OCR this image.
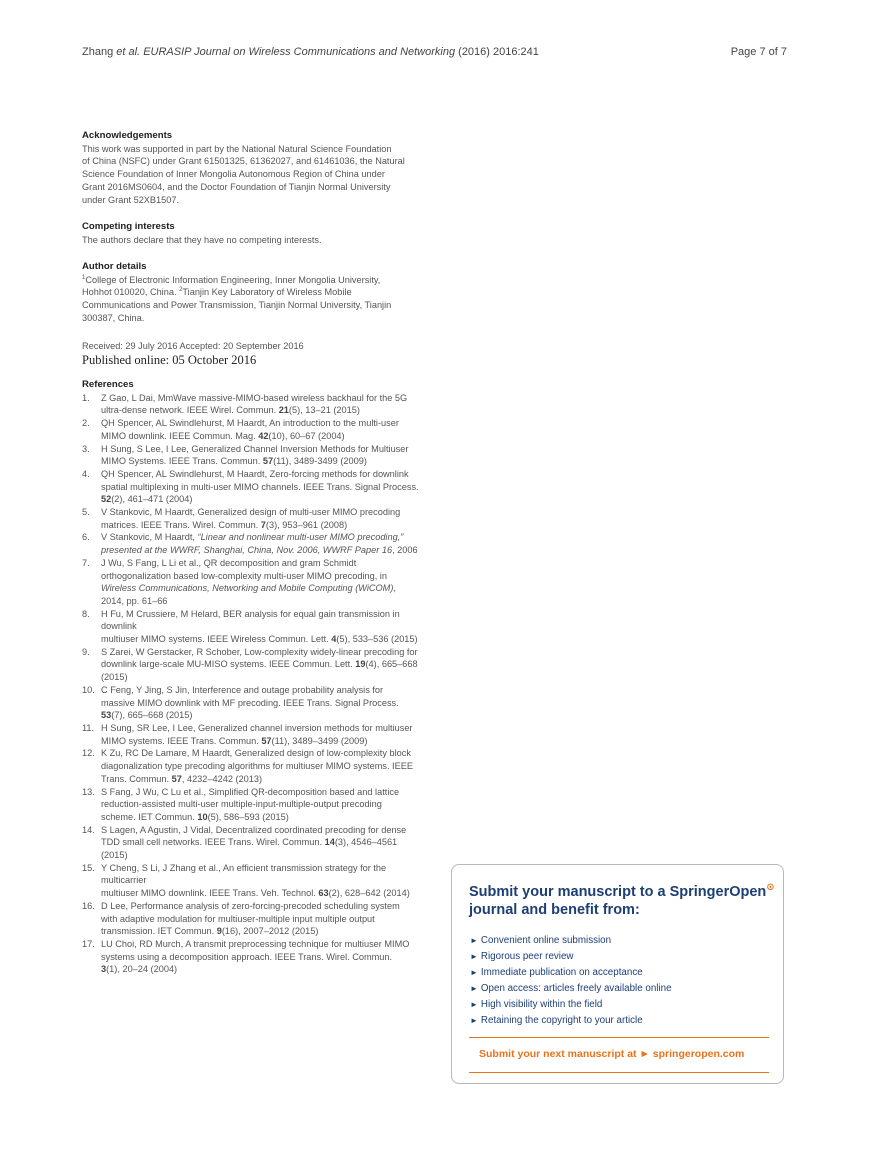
Zhang et al. EURASIP Journal on Wireless Communications and Networking (2016) 2016:241	Page 7 of 7

Acknowledgements

This work was supported in part by the National Natural Science Foundation

of China (NSFC) under Grant 61501325, 61362027, and 61461036, the Natural

Science Foundation of Inner Mongolia Autonomous Region of China under

Grant 2016MS0604, and the Doctor Foundation of Tianjin Normal University

under Grant 52XB1507.

Competing interests

The authors declare that they have no competing interests.

Author details

$^1$College of Electronic Information Engineering, Inner Mongolia University,

Hohhot 010020, China. $^2$Tianjin Key Laboratory of Wireless Mobile

Communications and Power Transmission, Tianjin Normal University, Tianjin

300387, China.

Received: 29 July 2016 Accepted: 20 September 2016

Published online: 05 October 2016

References

1. Z Gao, L Dai, MmWave massive-MIMO-based wireless backhaul for the 5G
ultra-dense network. IEEE Wirel. Commun. 21(5), 13–21 (2015)
2. QH Spencer, AL Swindlehurst, M Haardt, An introduction to the multi-user
MIMO downlink. IEEE Commun. Mag. 42(10), 60–67 (2004)
3. H Sung, S Lee, I Lee, Generalized Channel Inversion Methods for Multiuser
MIMO Systems. IEEE Trans. Commun. 57(11), 3489-3499 (2009)
4. QH Spencer, AL Swindlehurst, M Haardt, Zero-forcing methods for downlink
spatial multiplexing in multi-user MIMO channels. IEEE Trans. Signal Process.
52(2), 461–471 (2004)
5. V Stankovic, M Haardt, Generalized design of multi-user MIMO precoding
matrices. IEEE Trans. Wirel. Commun. 7(3), 953–961 (2008)
6. V Stankovic, M Haardt, “Linear and nonlinear multi-user MIMO precoding,”
presented at the WWRF, Shanghai, China, Nov. 2006, WWRF Paper 16, 2006
7. J Wu, S Fang, L Li et al., QR decomposition and gram Schmidt
orthogonalization based low-complexity multi-user MIMO precoding, in
Wireless Communications, Networking and Mobile Computing (WiCOM),
2014, pp. 61–66
8. H Fu, M Crussiere, M Helard, BER analysis for equal gain transmission in downlink
multiuser MIMO systems. IEEE Wireless Commun. Lett. 4(5), 533–536 (2015)
9. S Zarei, W Gerstacker, R Schober, Low-complexity widely-linear precoding for
downlink large-scale MU-MISO systems. IEEE Commun. Lett. 19(4), 665–668 (2015)
10. C Feng, Y Jing, S Jin, Interference and outage probability analysis for
massive MIMO downlink with MF precoding. IEEE Trans. Signal Process.
53(7), 665–668 (2015)
11. H Sung, SR Lee, I Lee, Generalized channel inversion methods for multiuser
MIMO systems. IEEE Trans. Commun. 57(11), 3489–3499 (2009)
12. K Zu, RC De Lamare, M Haardt, Generalized design of low-complexity block
diagonalization type precoding algorithms for multiuser MIMO systems. IEEE
Trans. Commun. 57, 4232–4242 (2013)
13. S Fang, J Wu, C Lu et al., Simplified QR-decomposition based and lattice
reduction-assisted multi-user multiple-input-multiple-output precoding
scheme. IET Commun. 10(5), 586–593 (2015)
14. S Lagen, A Agustin, J Vidal, Decentralized coordinated precoding for dense
TDD small cell networks. IEEE Trans. Wirel. Commun. 14(3), 4546–4561 (2015)
15. Y Cheng, S Li, J Zhang et al., An efficient transmission strategy for the multicarrier
multiuser MIMO downlink. IEEE Trans. Veh. Technol. 63(2), 628–642 (2014)
16. D Lee, Performance analysis of zero-forcing-precoded scheduling system
with adaptive modulation for multiuser-multiple input multiple output
transmission. IET Commun. 9(16), 2007–2012 (2015)
17. LU Choi, RD Murch, A transmit preprocessing technique for multiuser MIMO
systems using a decomposition approach. IEEE Trans. Wirel. Commun.
3(1), 20–24 (2004)
Submit your manuscript to a SpringerOpen⊙
journal and benefit from:
► Convenient online submission
► Rigorous peer review
► Immediate publication on acceptance
► Open access: articles freely available online
► High visibility within the field
► Retaining the copyright to your article
Submit your next manuscript at ► springeropen.com
